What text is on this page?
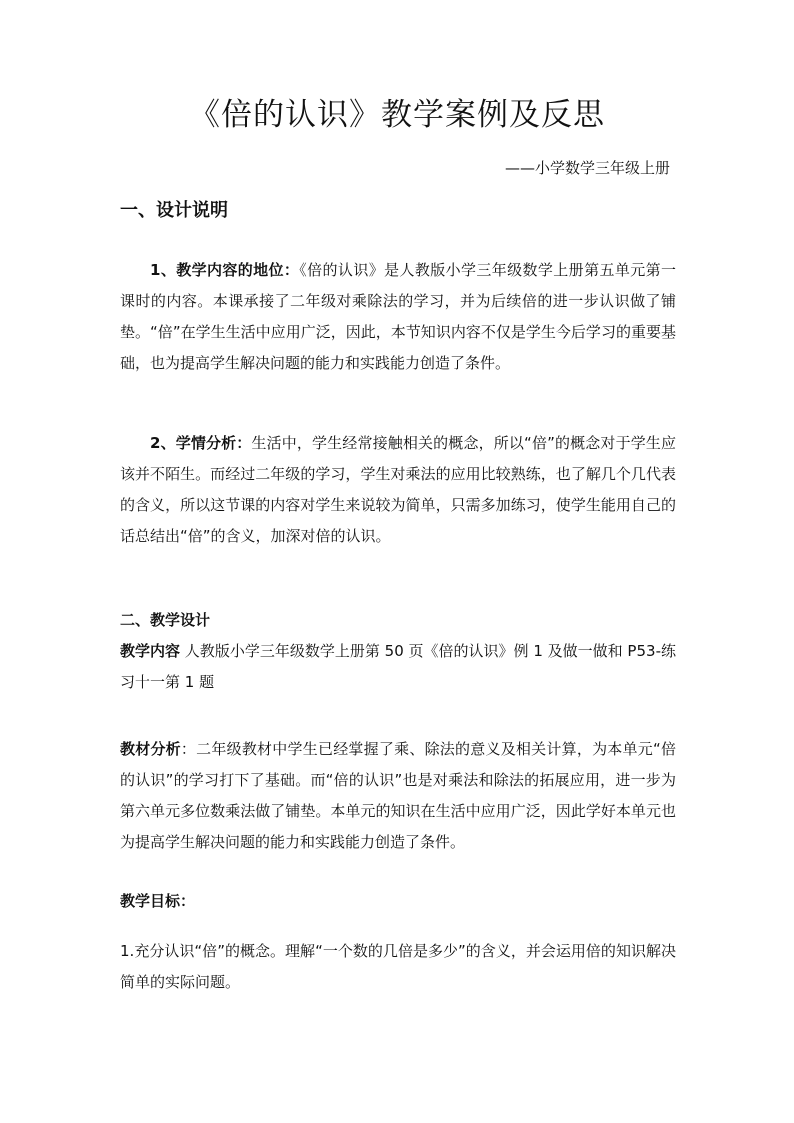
《倍的认识》教学案例及反思
——小学数学三年级上册
一、设计说明

1、教学内容的地位：《倍的认识》是人教版小学三年级数学上册第五单元第一课时的内容。本课承接了二年级对乘除法的学习，并为后续倍的进一步认识做了铺垫。“倍”在学生生活中应用广泛，因此，本节知识内容不仅是学生今后学习的重要基础，也为提高学生解决问题的能力和实践能力创造了条件。

2、学情分析：生活中，学生经常接触相关的概念，所以“倍”的概念对于学生应该并不陌生。而经过二年级的学习，学生对乘法的应用比较熟练，也了解几个几代表的含义，所以这节课的内容对学生来说较为简单，只需多加练习，使学生能用自己的话总结出“倍”的含义，加深对倍的认识。

二、教学设计

教学内容 人教版小学三年级数学上册第 50 页《倍的认识》例 1 及做一做和 P53-练习十一第 1 题

教材分析：二年级教材中学生已经掌握了乘、除法的意义及相关计算，为本单元“倍的认识”的学习打下了基础。而“倍的认识”也是对乘法和除法的拓展应用，进一步为第六单元多位数乘法做了铺垫。本单元的知识在生活中应用广泛，因此学好本单元也为提高学生解决问题的能力和实践能力创造了条件。

教学目标：

1.充分认识“倍”的概念。理解“一个数的几倍是多少”的含义，并会运用倍的知识解决简单的实际问题。
